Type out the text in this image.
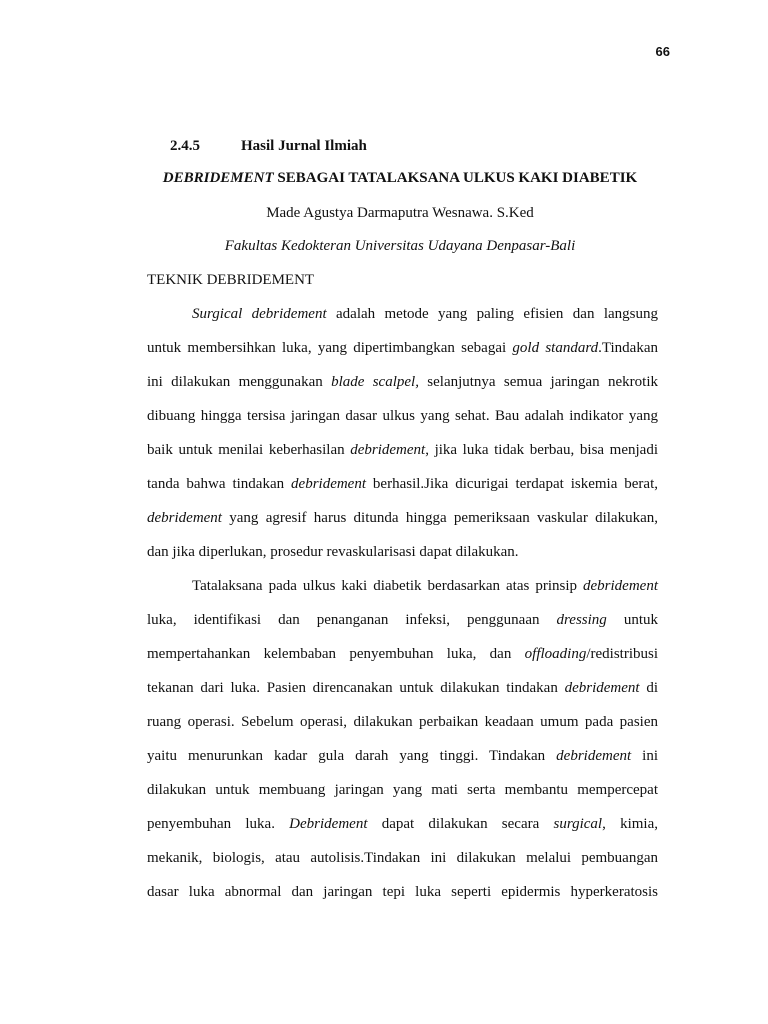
66
2.4.5	Hasil Jurnal Ilmiah
DEBRIDEMENT SEBAGAI TATALAKSANA ULKUS KAKI DIABETIK
Made Agustya Darmaputra Wesnawa. S.Ked
Fakultas Kedokteran Universitas Udayana Denpasar-Bali
TEKNIK DEBRIDEMENT

Surgical debridement adalah metode yang paling efisien dan langsung
untuk membersihkan luka, yang dipertimbangkan sebagai gold standard.Tindakan
ini dilakukan menggunakan blade scalpel, selanjutnya semua jaringan nekrotik
dibuang hingga tersisa jaringan dasar ulkus yang sehat. Bau adalah indikator yang
baik untuk menilai keberhasilan debridement, jika luka tidak berbau, bisa menjadi
tanda bahwa tindakan debridement berhasil.Jika dicurigai terdapat iskemia berat,
debridement yang agresif harus ditunda hingga pemeriksaan vaskular dilakukan,
dan jika diperlukan, prosedur revaskularisasi dapat dilakukan.

Tatalaksana pada ulkus kaki diabetik berdasarkan atas prinsip debridement
luka, identifikasi dan penanganan infeksi, penggunaan dressing untuk
mempertahankan kelembaban penyembuhan luka, dan offloading/redistribusi
tekanan dari luka. Pasien direncanakan untuk dilakukan tindakan debridement di
ruang operasi. Sebelum operasi, dilakukan perbaikan keadaan umum pada pasien
yaitu menurunkan kadar gula darah yang tinggi. Tindakan debridement ini
dilakukan untuk membuang jaringan yang mati serta membantu mempercepat
penyembuhan luka. Debridement dapat dilakukan secara surgical, kimia,
mekanik, biologis, atau autolisis.Tindakan ini dilakukan melalui pembuangan
dasar luka abnormal dan jaringan tepi luka seperti epidermis hyperkeratosis
